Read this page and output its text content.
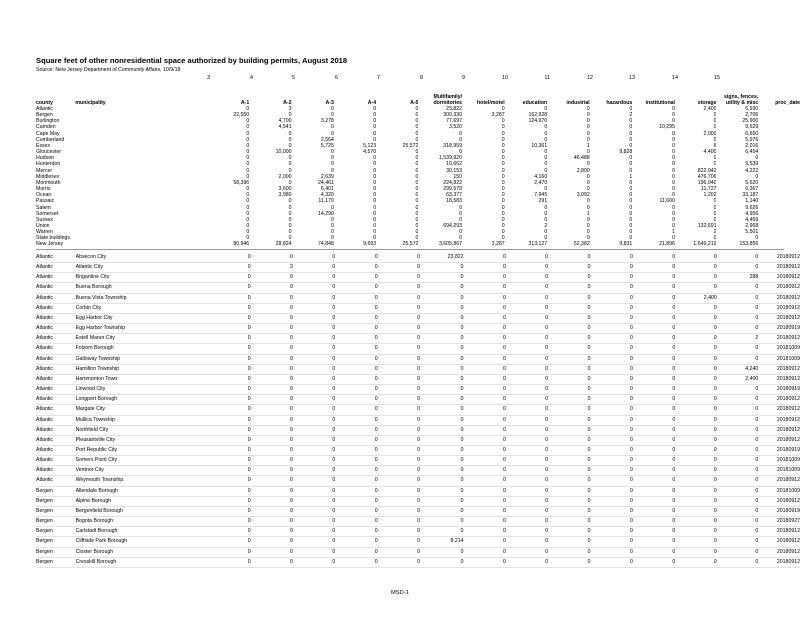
Square feet of other nonresidential space authorized by building permits, August 2018
Source: New Jersey Department of Community Affairs, 10/9/18
3	4	5	6	7	8	9	10	11	12	13	14	15
county	municipality	A-1	A-2	A-3	A-4	A-5	Multifamily/
dormitories	hotel/motel	education	industrial	hazardous	institutional	storage	signs, fences,
utility & misc	proc_date
Atlantic		0	3	0	0	0	23,822	0	0	0	0	0	2,400	6,930	
Bergen		22,550	0	0	0	0	300,330	3,287	162,928	0	2	0	0	2,706	
Burlington		0	4,700	3,278	0	0	77,697	0	124,970	0	0	0	0	25,900	
Camden		0	4,541	0	0	0	3,520	0	0	0	0	10,295	0	9,629	
Cape May		0	0	0	0	0	0	0	0	0	0	0	2,000	6,650	
Cumberland		0	0	2,564	0	0	0	0	0	0	0	0	0	5,976	
Essex		0	0	5,725	5,123	25,572	318,959	0	10,361	1	0	0	6	2,016	
Gloucester		0	10,000	0	4,570	0	0	0	0	0	9,828	0	4,400	6,454	
Hudson		0	0	0	0	0	1,539,920	0	0	46,488	0	0	0	0	
Hunterdon		0	0	0	0	0	10,662	0	0	0	0	0	0	9,539	
Mercer		0	0	0	0	0	30,153	0	0	2,800	0	0	822,042	4,222	
Middlesex		0	2,000	2,639	0	0	150	0	4,160	0	1	0	476,706	0	
Monmouth		58,396	0	24,461	0	0	224,822	0	2,470	0	0	0	196,040	5,620	
Morris		0	3,600	6,401	0	0	299,579	0	0	0	0	0	11,727	6,367	
Ocean		0	3,980	4,320	0	0	63,377	0	7,945	3,092	0	0	1,202	33,187	
Passaic		0	0	11,170	0	0	18,583	0	291	0	0	11,600	0	1,140	
Salem		0	0	0	0	0	0	0	0	0	0	0	0	9,626	
Somerset		0	0	14,290	0	0	0	0	0	1	0	0	0	4,956	
Sussex		0	0	0	0	0	0	0	0	0	0	0	0	4,469	
Union		0	0	0	0	0	694,293	0	2	0	0	0	132,691	2,968	
Warren		0	0	0	0	0	0	0	0	0	0	1	2	5,501	
State buildings		0	0	0	0	0	0	0	0	0	0	0	0	0	
New Jersey		80,946	28,824	74,848	9,693	25,572	3,605,867	3,287	313,127	52,382	9,831	21,896	1,649,219	153,856	
Atlantic	Absecon City	0	0	0	0	0	23,822	0	0	0	0	0	0	0	20180912
Atlantic	Atlantic City	0	3	0	0	0	0	0	0	0	0	0	0	0	20180912
Atlantic	Brigantine City	0	0	0	0	0	0	0	0	0	0	0	0	288	20180912
Atlantic	Buena Borough	0	0	0	0	0	0	0	0	0	0	0	0	0	20180912
Atlantic	Buena Vista Township	0	0	0	0	0	0	0	0	0	0	0	2,400	0	20180912
Atlantic	Corbin City	0	0	0	0	0	0	0	0	0	0	0	0	0	20180912
Atlantic	Egg Harbor City	0	0	0	0	0	0	0	0	0	0	0	0	0	20180912
Atlantic	Egg Harbor Township	0	0	0	0	0	0	0	0	0	0	0	0	0	20180919
Atlantic	Estell Manor City	0	0	0	0	0	0	0	0	0	0	0	0	2	20180912
Atlantic	Folsom Borough	0	0	0	0	0	0	0	0	0	0	0	0	0	20181009
Atlantic	Galloway Township	0	0	0	0	0	0	0	0	0	0	0	0	0	20181009
Atlantic	Hamilton Township	0	0	0	0	0	0	0	0	0	0	0	0	4,240	20180912
Atlantic	Hammonton Town	0	0	0	0	0	0	0	0	0	0	0	0	2,400	20180912
Atlantic	Linwood City	0	0	0	0	0	0	0	0	0	0	0	0	0	20180919
Atlantic	Longport Borough	0	0	0	0	0	0	0	0	0	0	0	0	0	20180912
Atlantic	Margate City	0	0	0	0	0	0	0	0	0	0	0	0	0	20180912
Atlantic	Mullica Township	0	0	0	0	0	0	0	0	0	0	0	0	0	20180912
Atlantic	Northfield City	0	0	0	0	0	0	0	0	0	0	0	0	0	20180912
Atlantic	Pleasantville City	0	0	0	0	0	0	0	0	0	0	0	0	0	20180912
Atlantic	Port Republic City	0	0	0	0	0	0	0	0	0	0	0	0	0	20180919
Atlantic	Somers Point City	0	0	0	0	0	0	0	0	0	0	0	0	0	20181009
Atlantic	Ventnor City	0	0	0	0	0	0	0	0	0	0	0	0	0	20181009
Atlantic	Weymouth Township	0	0	0	0	0	0	0	0	0	0	0	0	0	20180912
Bergen	Allendale Borough	0	0	0	0	0	0	0	0	0	0	0	0	0	20181009
Bergen	Alpine Borough	0	0	0	0	0	0	0	0	0	0	0	0	0	20180912
Bergen	Bergenfield Borough	0	0	0	0	0	0	0	0	0	0	0	0	0	20180919
Bergen	Bogota Borough	0	0	0	0	0	0	0	0	0	0	0	0	0	20180927
Bergen	Carlstadt Borough	0	0	0	0	0	0	0	0	0	0	0	0	0	20180912
Bergen	Cliffside Park Borough	0	0	0	0	0	8,214	0	0	0	0	0	0	0	20180912
Bergen	Closter Borough	0	0	0	0	0	0	0	0	0	0	0	0	0	20180912
Bergen	Cresskill Borough	0	0	0	0	0	0	0	0	0	0	0	0	0	20180912
MSD-1
